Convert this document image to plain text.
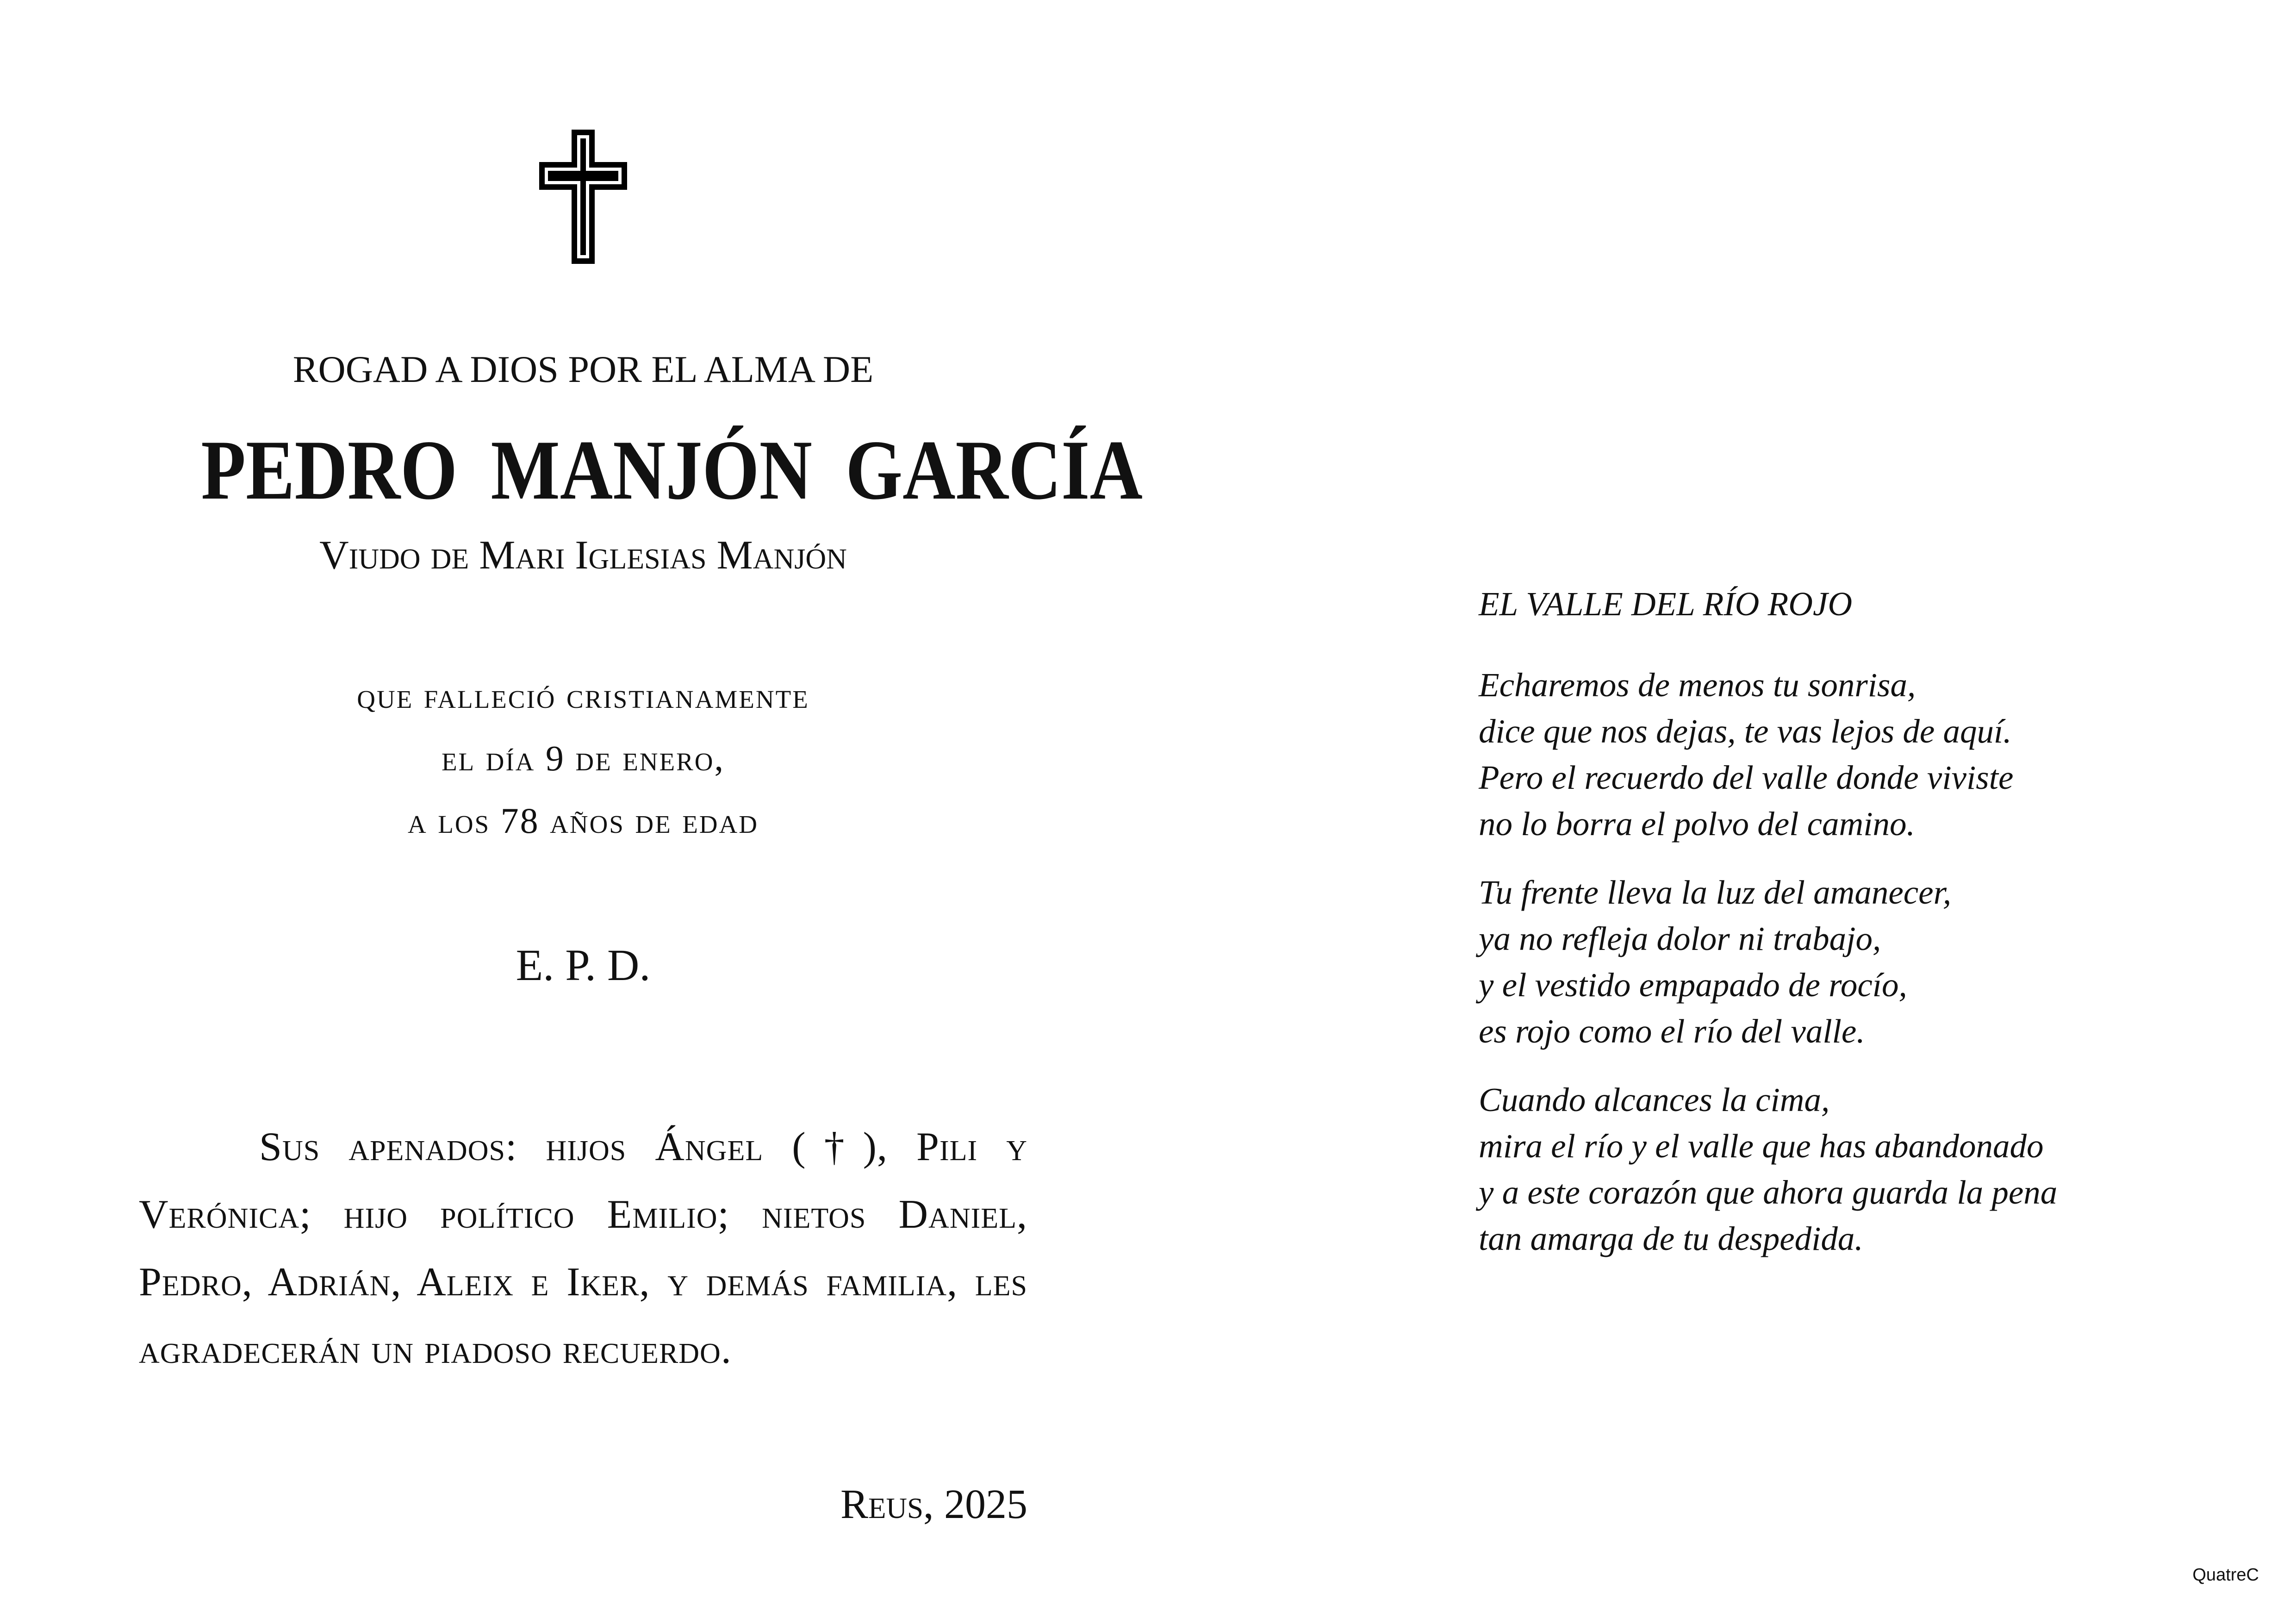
ROGAD A DIOS POR EL ALMA DE
PEDRO MANJÓN GARCÍA
Viudo de Mari Iglesias Manjón
que falleció cristianamente
el día 9 de enero,
a los 78 años de edad
E. P. D.
Sus apenados: hijos Ángel (†), Pili y Verónica; hijo político Emilio; nietos Daniel, Pedro, Adrián, Aleix e Iker, y demás familia, les agradecerán un piadoso recuerdo.
Reus, 2025
EL VALLE DEL RÍO ROJO
Echaremos de menos tu sonrisa,
dice que nos dejas, te vas lejos de aquí.
Pero el recuerdo del valle donde viviste
no lo borra el polvo del camino.
Tu frente lleva la luz del amanecer,
ya no refleja dolor ni trabajo,
y el vestido empapado de rocío,
es rojo como el río del valle.
Cuando alcances la cima,
mira el río y el valle que has abandonado
y a este corazón que ahora guarda la pena
tan amarga de tu despedida.
QuatreC
